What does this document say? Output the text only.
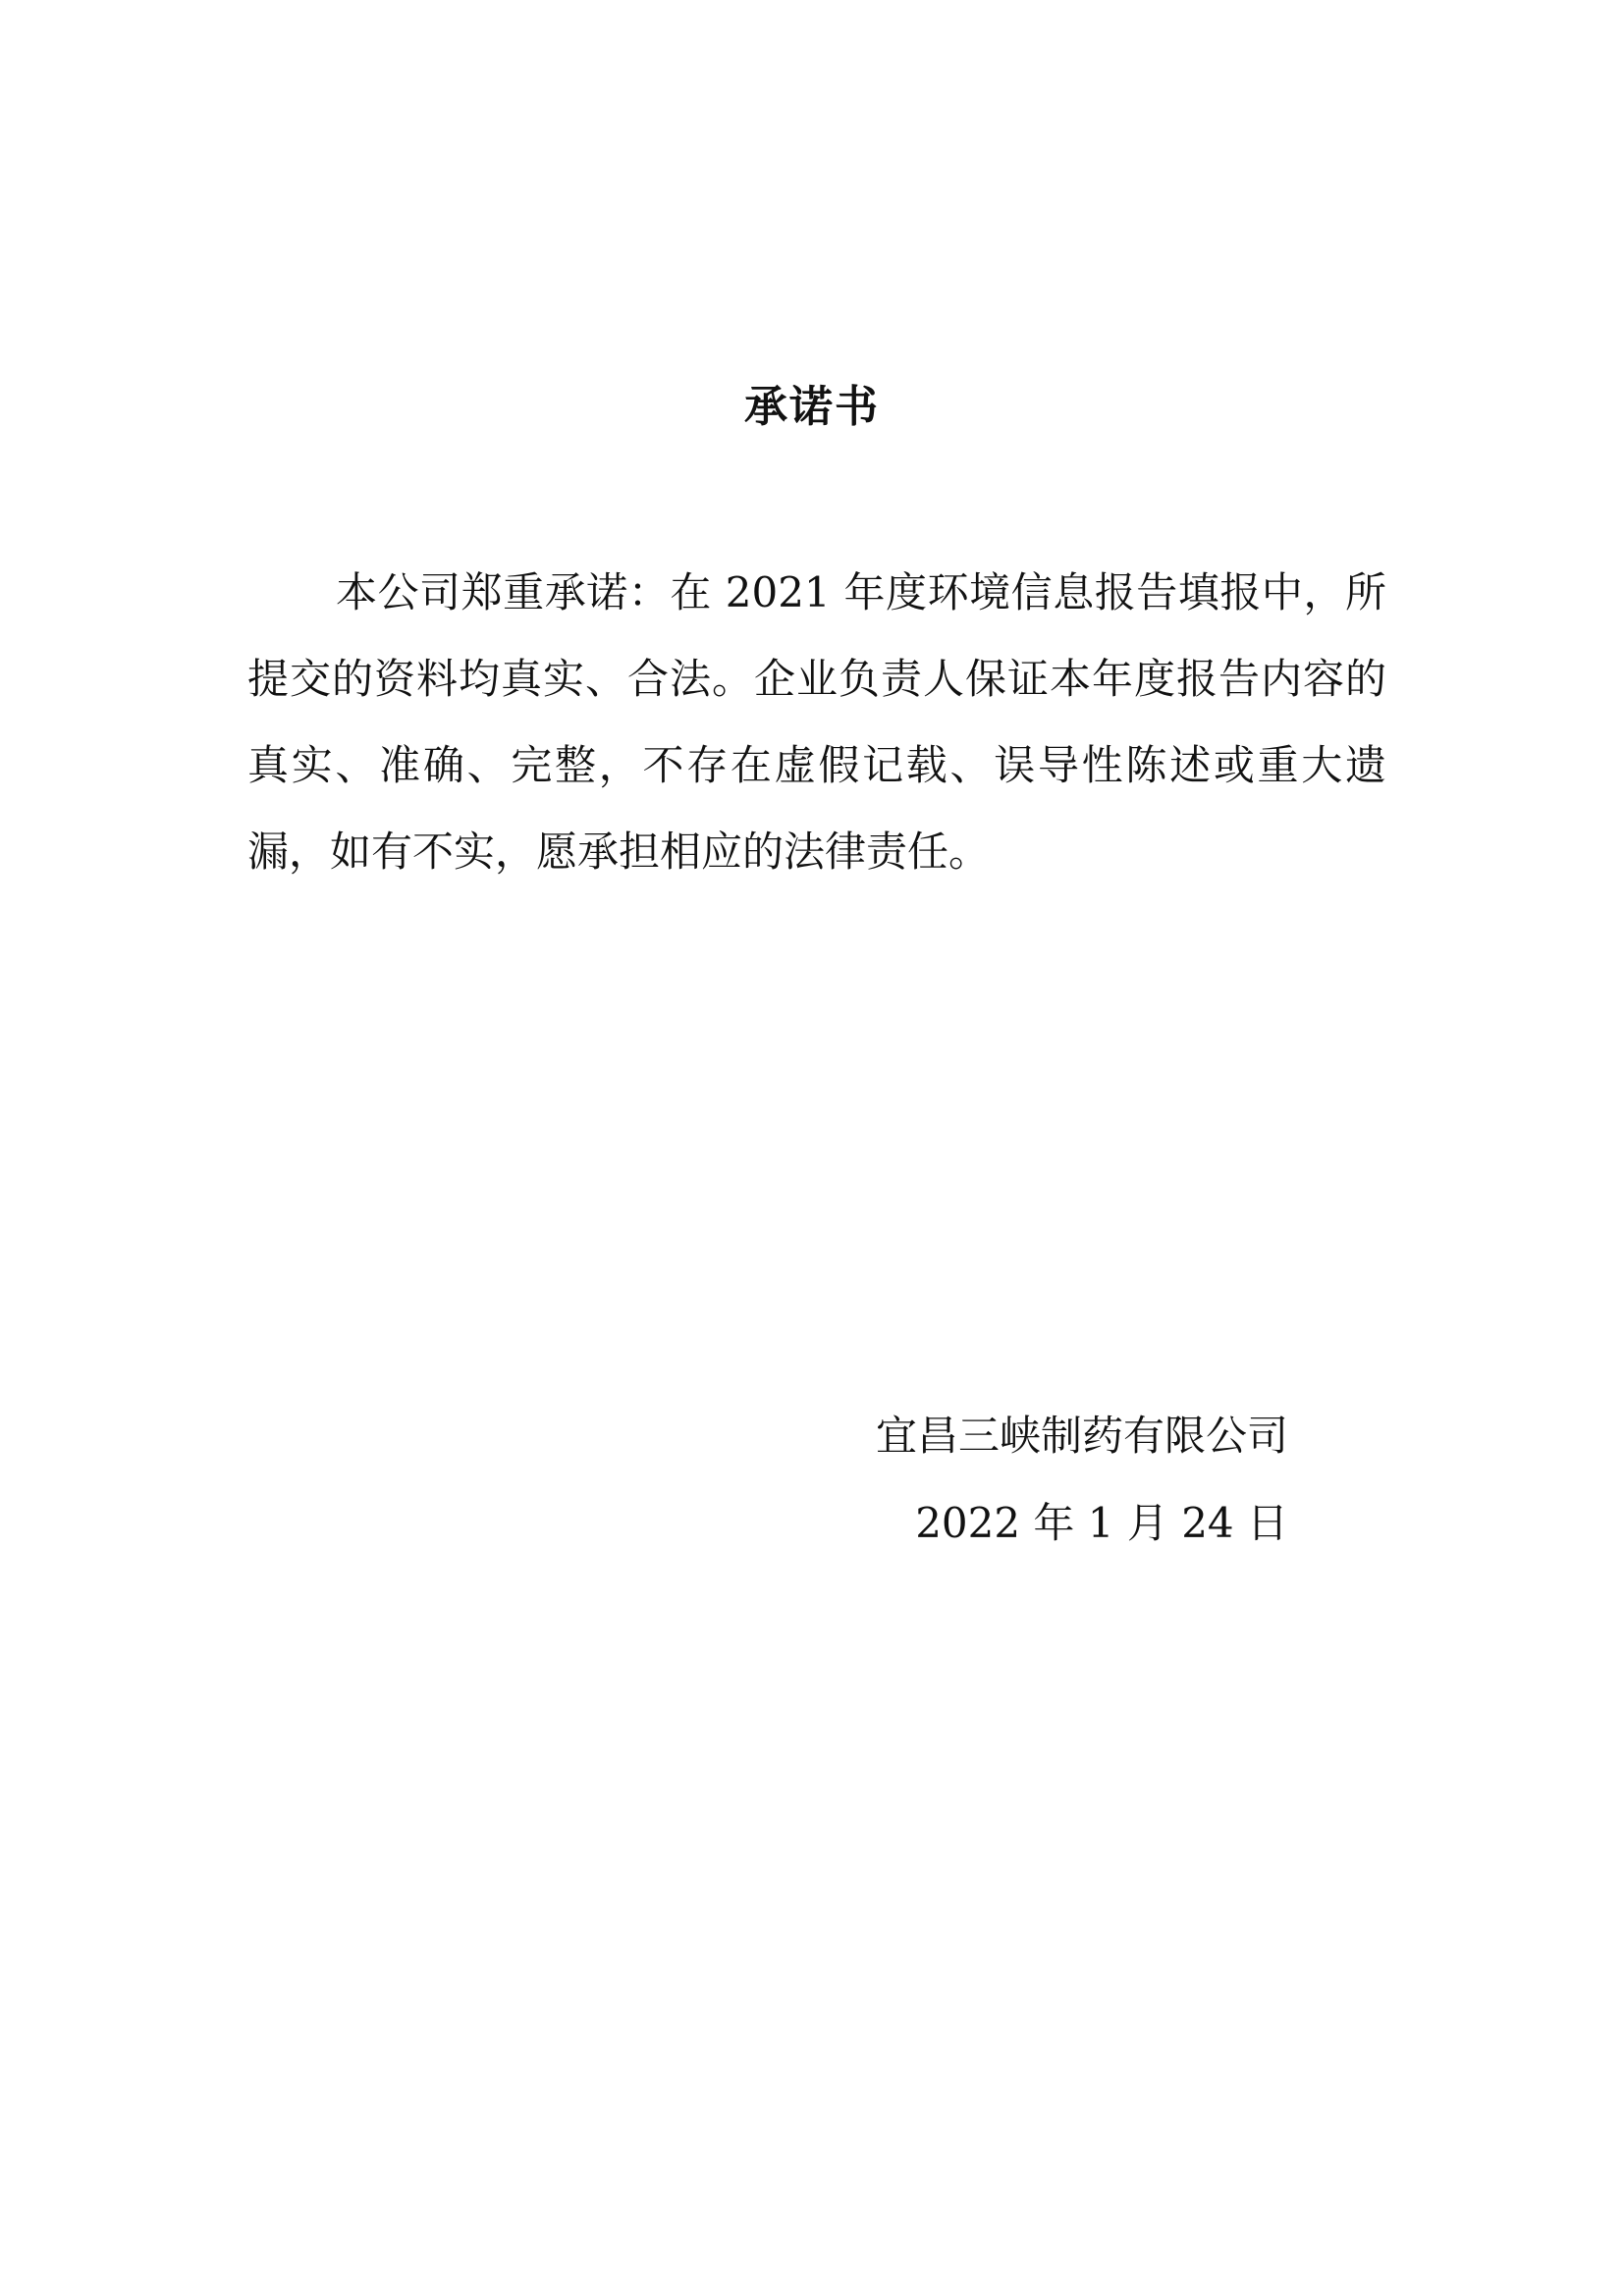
承诺书

本公司郑重承诺：在 2021 年度环境信息报告填报中，所提交的资料均真实、合法。企业负责人保证本年度报告内容的真实、准确、完整，不存在虚假记载、误导性陈述或重大遗漏，如有不实，愿承担相应的法律责任。

宜昌三峡制药有限公司
2022 年 1 月 24 日
